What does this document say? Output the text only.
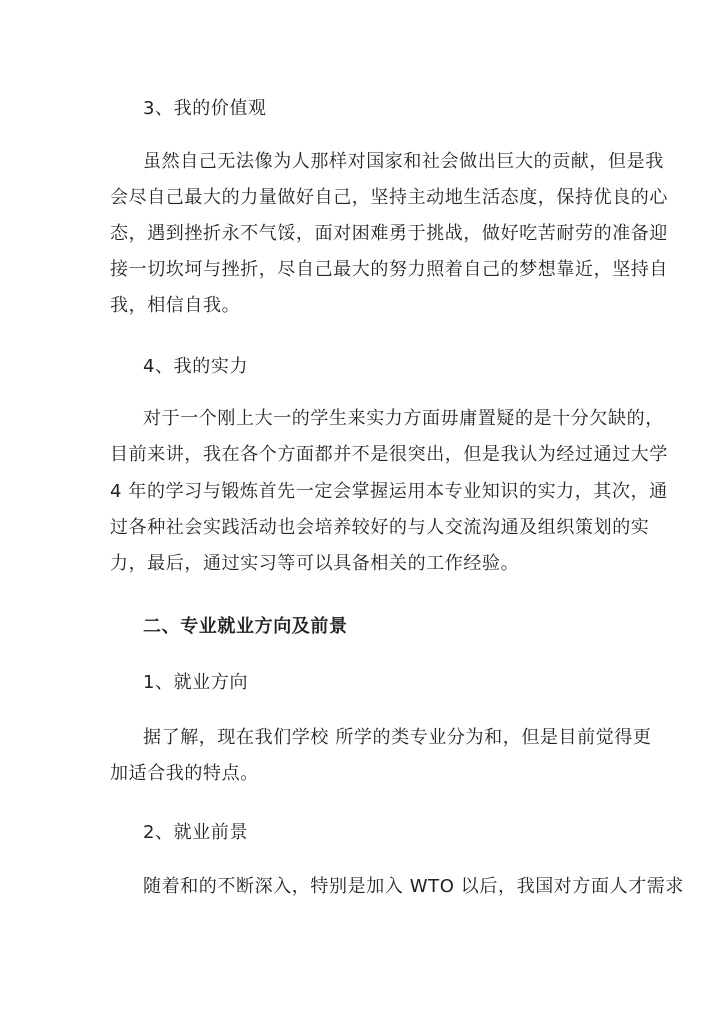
3、我的价值观
虽然自己无法像为人那样对国家和社会做出巨大的贡献，但是我
会尽自己最大的力量做好自己，坚持主动地生活态度，保持优良的心
态，遇到挫折永不气馁，面对困难勇于挑战，做好吃苦耐劳的准备迎
接一切坎坷与挫折，尽自己最大的努力照着自己的梦想靠近，坚持自
我，相信自我。
4、我的实力
对于一个刚上大一的学生来实力方面毋庸置疑的是十分欠缺的，
目前来讲，我在各个方面都并不是很突出，但是我认为经过通过大学
4 年的学习与锻炼首先一定会掌握运用本专业知识的实力，其次，通
过各种社会实践活动也会培养较好的与人交流沟通及组织策划的实
力，最后，通过实习等可以具备相关的工作经验。
二、专业就业方向及前景
1、就业方向
据了解，现在我们学校 所学的类专业分为和，但是目前觉得更
加适合我的特点。
2、就业前景
随着和的不断深入，特别是加入 WTO 以后，我国对方面人才需求
